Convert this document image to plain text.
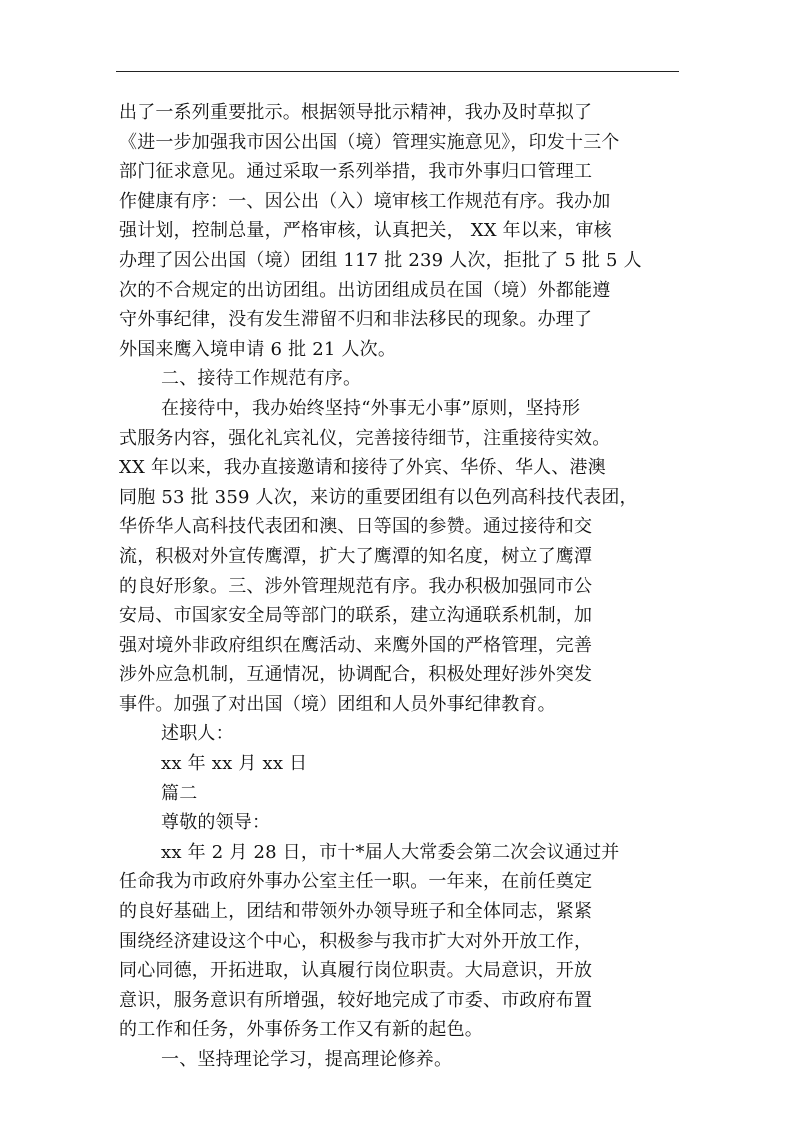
出了一系列重要批示。根据领导批示精神，我办及时草拟了
《进一步加强我市因公出国（境）管理实施意见》，印发十三个
部门征求意见。通过采取一系列举措，我市外事归口管理工
作健康有序：一、因公出（入）境审核工作规范有序。我办加
强计划，控制总量，严格审核，认真把关， XX 年以来，审核
办理了因公出国（境）团组 117 批 239 人次，拒批了 5 批 5 人
次的不合规定的出访团组。出访团组成员在国（境）外都能遵
守外事纪律，没有发生滞留不归和非法移民的现象。办理了
外国来鹰入境申请 6 批 21 人次。
二、接待工作规范有序。
在接待中，我办始终坚持“外事无小事”原则，坚持形
式服务内容，强化礼宾礼仪，完善接待细节，注重接待实效。
XX 年以来，我办直接邀请和接待了外宾、华侨、华人、港澳
同胞 53 批 359 人次，来访的重要团组有以色列高科技代表团，
华侨华人高科技代表团和澳、日等国的参赞。通过接待和交
流，积极对外宣传鹰潭，扩大了鹰潭的知名度，树立了鹰潭
的良好形象。三、涉外管理规范有序。我办积极加强同市公
安局、市国家安全局等部门的联系，建立沟通联系机制，加
强对境外非政府组织在鹰活动、来鹰外国的严格管理，完善
涉外应急机制，互通情况，协调配合，积极处理好涉外突发
事件。加强了对出国（境）团组和人员外事纪律教育。
述职人：
xx 年 xx 月 xx 日
篇二
尊敬的领导：
xx 年 2 月 28 日，市十*届人大常委会第二次会议通过并
任命我为市政府外事办公室主任一职。一年来，在前任奠定
的良好基础上，团结和带领外办领导班子和全体同志，紧紧
围绕经济建设这个中心，积极参与我市扩大对外开放工作，
同心同德，开拓进取，认真履行岗位职责。大局意识，开放
意识，服务意识有所增强，较好地完成了市委、市政府布置
的工作和任务，外事侨务工作又有新的起色。
一、坚持理论学习，提高理论修养。
